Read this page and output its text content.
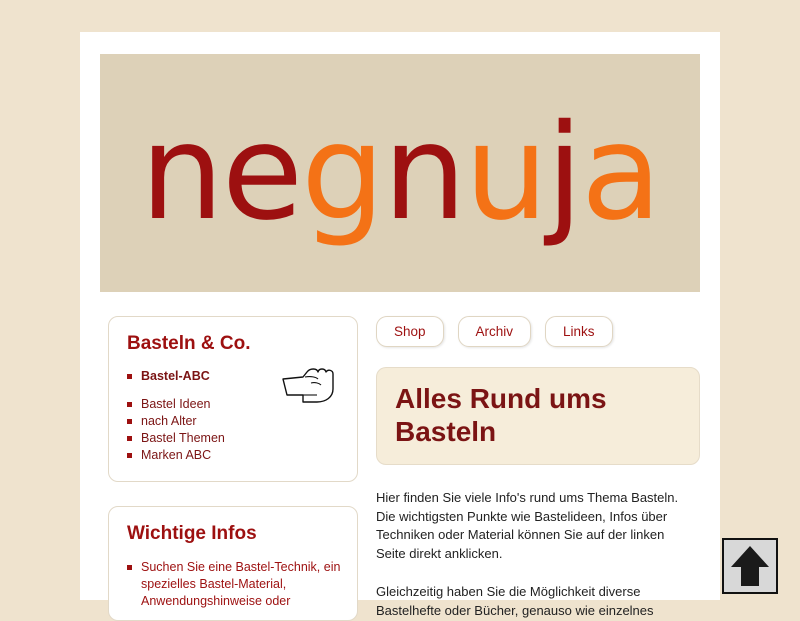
negnuja
Basteln & Co.
Bastel-ABC
Bastel Ideen
nach Alter
Bastel Themen
Marken ABC
Wichtige Infos

Suchen Sie eine Bastel-Technik, ein spezielles Bastel-Material, Anwendungshinweise oder

Shop	Archiv	Links
Alles Rund ums Basteln

Hier finden Sie viele Info's rund ums Thema Basteln. Die wichtigsten Punkte wie Bastelideen, Infos über Techniken oder Material können Sie auf der linken Seite direkt anklicken.

Gleichzeitig haben Sie die Möglichkeit diverse Bastelhefte oder Bücher, genauso wie einzelnes
